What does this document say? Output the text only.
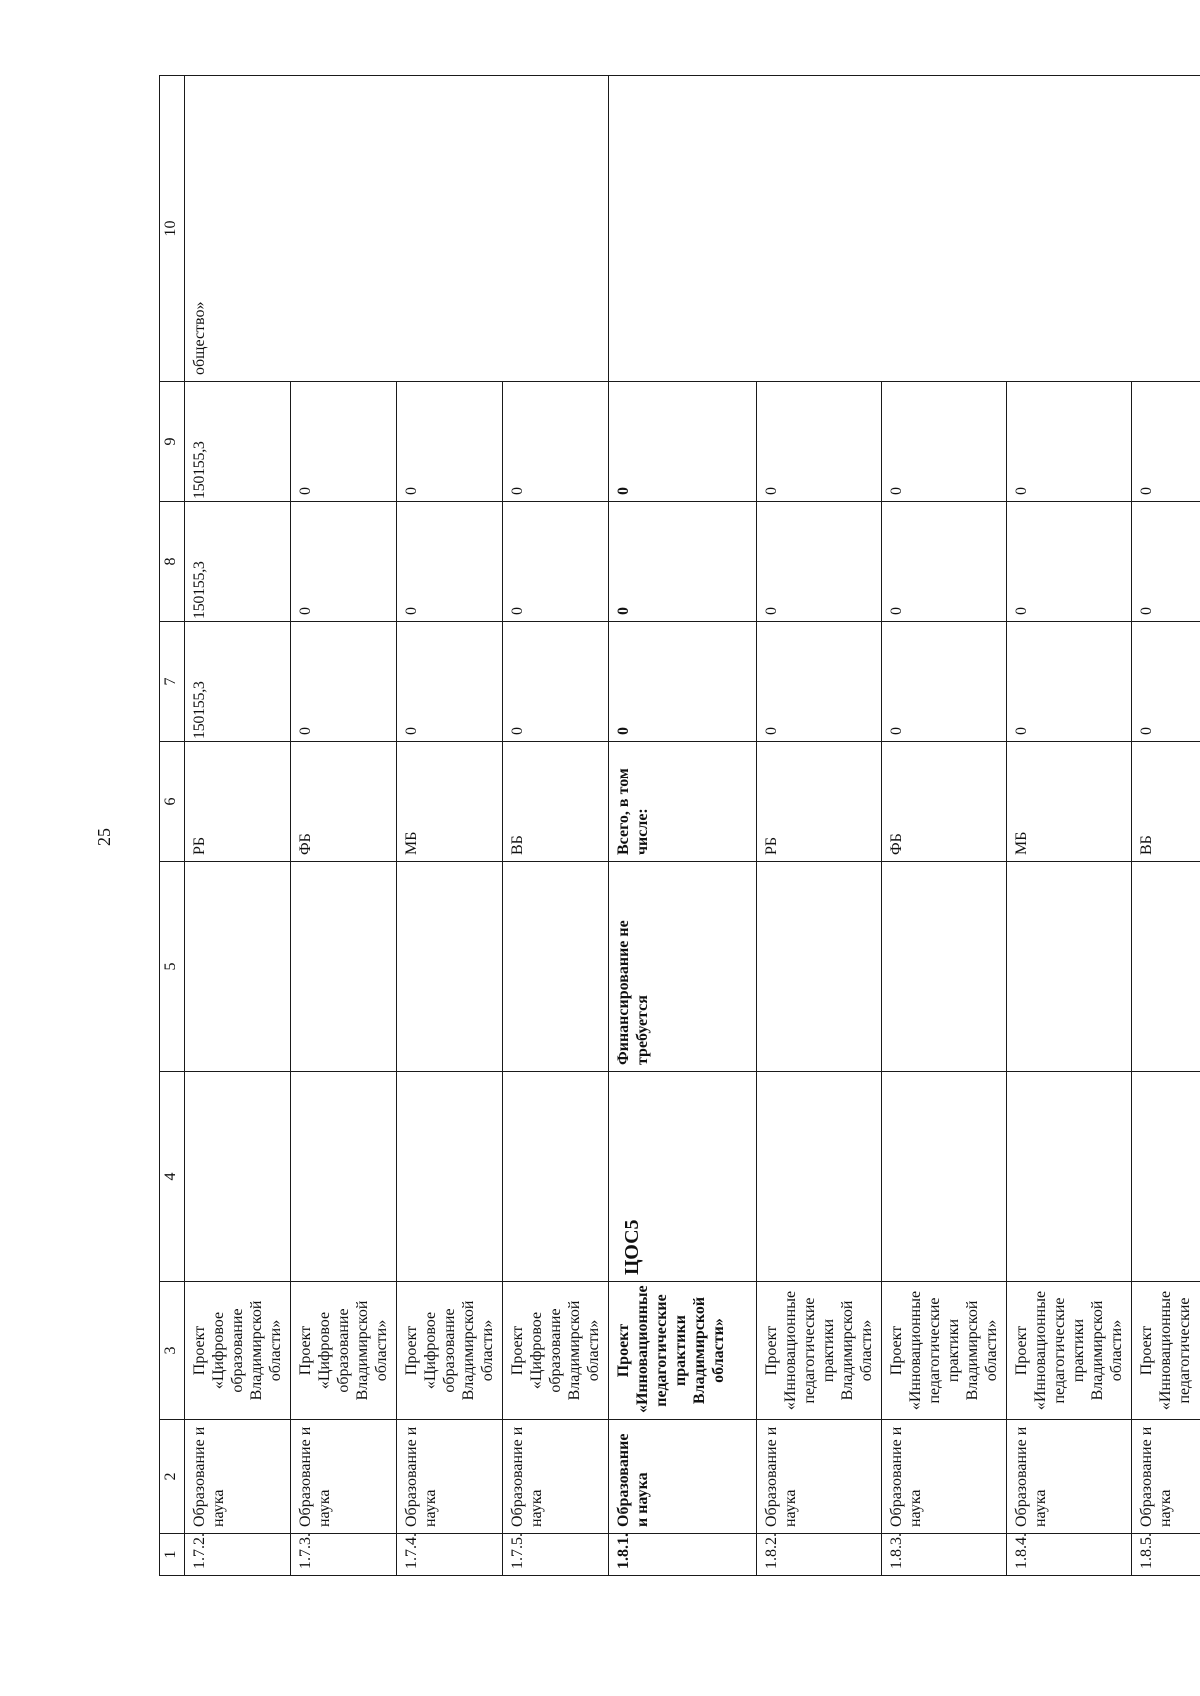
25
1	2	3	4	5	6	7	8	9	10
1.7.2.	Образование и наука	Проект «Цифровое образование Владимирской области»			РБ	150155,3	150155,3	150155,3	общество»
1.7.3.	Образование и наука	Проект «Цифровое образование Владимирской области»			ФБ	0	0	0	
1.7.4.	Образование и наука	Проект «Цифровое образование Владимирской области»			МБ	0	0	0	
1.7.5.	Образование и наука	Проект «Цифровое образование Владимирской области»			ВБ	0	0	0	
1.8.1.	Образование и наука	Проект «Инновационные педагогические практики Владимирской области»	ЦОС5	Финансирование не требуется	Всего, в том числе:	0	0	0	
1.8.2.	Образование и наука	Проект «Инновационные педагогические практики Владимирской области»			РБ	0	0	0	
1.8.3.	Образование и наука	Проект «Инновационные педагогические практики Владимирской области»			ФБ	0	0	0	
1.8.4.	Образование и наука	Проект «Инновационные педагогические практики Владимирской области»			МБ	0	0	0	
1.8.5.	Образование и наука	Проект «Инновационные педагогические			ВБ	0	0	0	
